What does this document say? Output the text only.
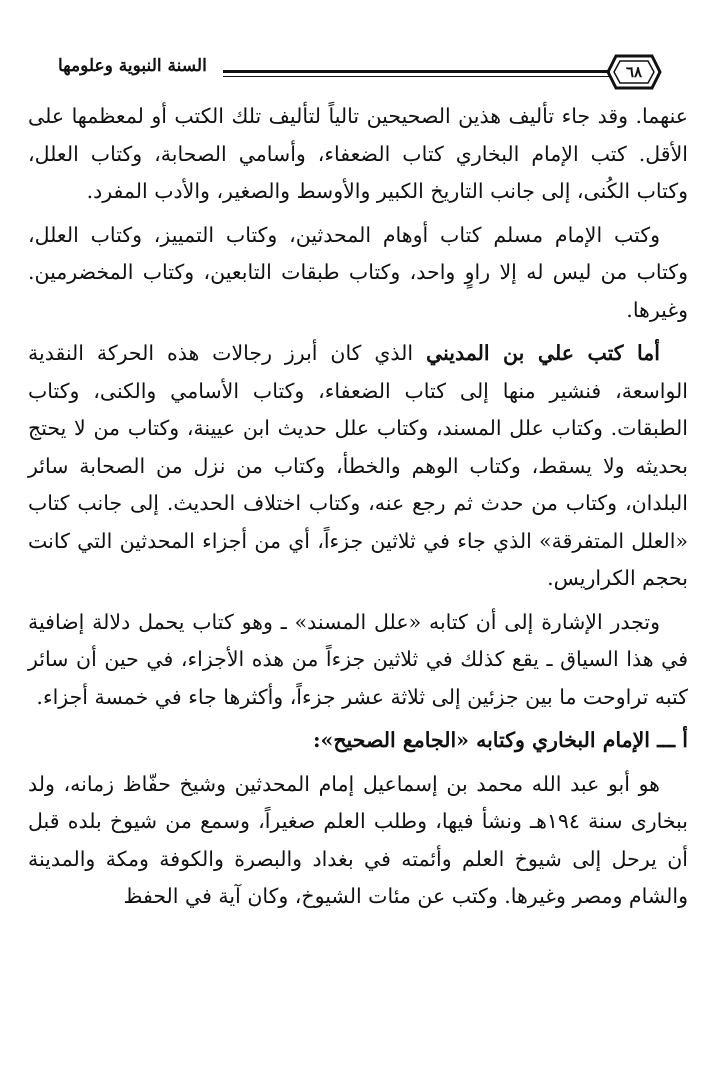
السنة النبوية وعلومها	٦٨

عنهما. وقد جاء تأليف هذين الصحيحين تالياً لتأليف تلك الكتب أو لمعظمها على الأقل. كتب الإمام البخاري كتاب الضعفاء، وأسامي الصحابة، وكتاب العلل، وكتاب الكُنى، إلى جانب التاريخ الكبير والأوسط والصغير، والأدب المفرد.

وكتب الإمام مسلم كتاب أوهام المحدثين، وكتاب التمييز، وكتاب العلل، وكتاب من ليس له إلا راوٍ واحد، وكتاب طبقات التابعين، وكتاب المخضرمين. وغيرها.

أما كتب علي بن المديني الذي كان أبرز رجالات هذه الحركة النقدية الواسعة، فنشير منها إلى كتاب الضعفاء، وكتاب الأسامي والكنى، وكتاب الطبقات. وكتاب علل المسند، وكتاب علل حديث ابن عيينة، وكتاب من لا يحتج بحديثه ولا يسقط، وكتاب الوهم والخطأ، وكتاب من نزل من الصحابة سائر البلدان، وكتاب من حدث ثم رجع عنه، وكتاب اختلاف الحديث. إلى جانب كتاب «العلل المتفرقة» الذي جاء في ثلاثين جزءاً، أي من أجزاء المحدثين التي كانت بحجم الكراريس.

وتجدر الإشارة إلى أن كتابه «علل المسند» ـ وهو كتاب يحمل دلالة إضافية في هذا السياق ـ يقع كذلك في ثلاثين جزءاً من هذه الأجزاء، في حين أن سائر كتبه تراوحت ما بين جزئين إلى ثلاثة عشر جزءاً، وأكثرها جاء في خمسة أجزاء.

أ ـــ الإمام البخاري وكتابه «الجامع الصحيح»:

هو أبو عبد الله محمد بن إسماعيل إمام المحدثين وشيخ حفّاظ زمانه، ولد ببخارى سنة ١٩٤هـ ونشأ فيها، وطلب العلم صغيراً، وسمع من شيوخ بلده قبل أن يرحل إلى شيوخ العلم وأئمته في بغداد والبصرة والكوفة ومكة والمدينة والشام ومصر وغيرها. وكتب عن مئات الشيوخ، وكان آية في الحفظ
